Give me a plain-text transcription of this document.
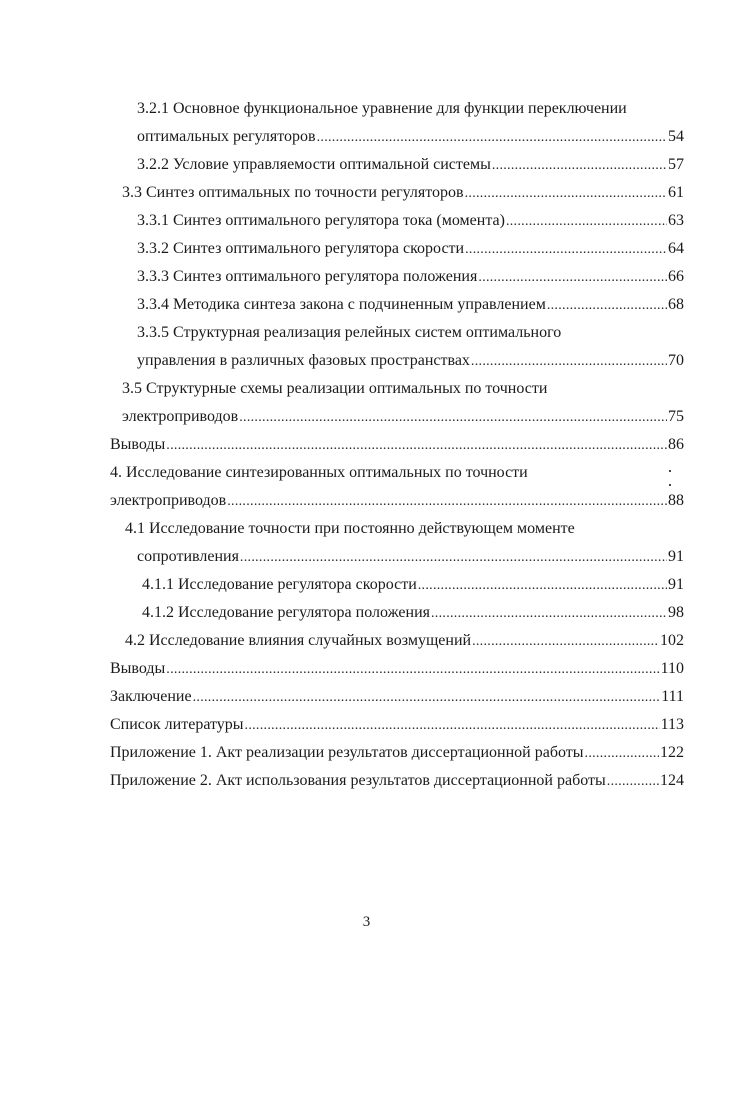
3.2.1 Основное функциональное уравнение для функции переключении
оптимальных регуляторов . . .	54
3.2.2 Условие управляемости оптимальной системы . . .	57
3.3 Синтез оптимальных по точности регуляторов . . .	61
3.3.1 Синтез оптимального регулятора тока (момента) . . .	63
3.3.2 Синтез оптимального регулятора скорости . . .	64
3.3.3 Синтез оптимального регулятора положения . . .	66
3.3.4 Методика синтеза закона с подчиненным управлением . . .	68
3.3.5 Структурная реализация релейных систем оптимального
управления в различных фазовых пространствах . . .	70
3.5 Структурные схемы реализации оптимальных по точности
электроприводов . . .	75
Выводы . . .	86
4. Исследование синтезированных оптимальных по точности
электроприводов . . .	88
4.1 Исследование точности при постоянно действующем моменте
сопротивления . . .	91
4.1.1 Исследование регулятора скорости . . .	91
4.1.2 Исследование регулятора положения . . .	98
4.2 Исследование влияния случайных возмущений . . .	102
Выводы . . .	110
Заключение . . .	111
Список литературы . . .	113
Приложение 1. Акт реализации результатов диссертационной работы . . .	122
Приложение 2. Акт использования результатов диссертационной работы . . .	124
3
